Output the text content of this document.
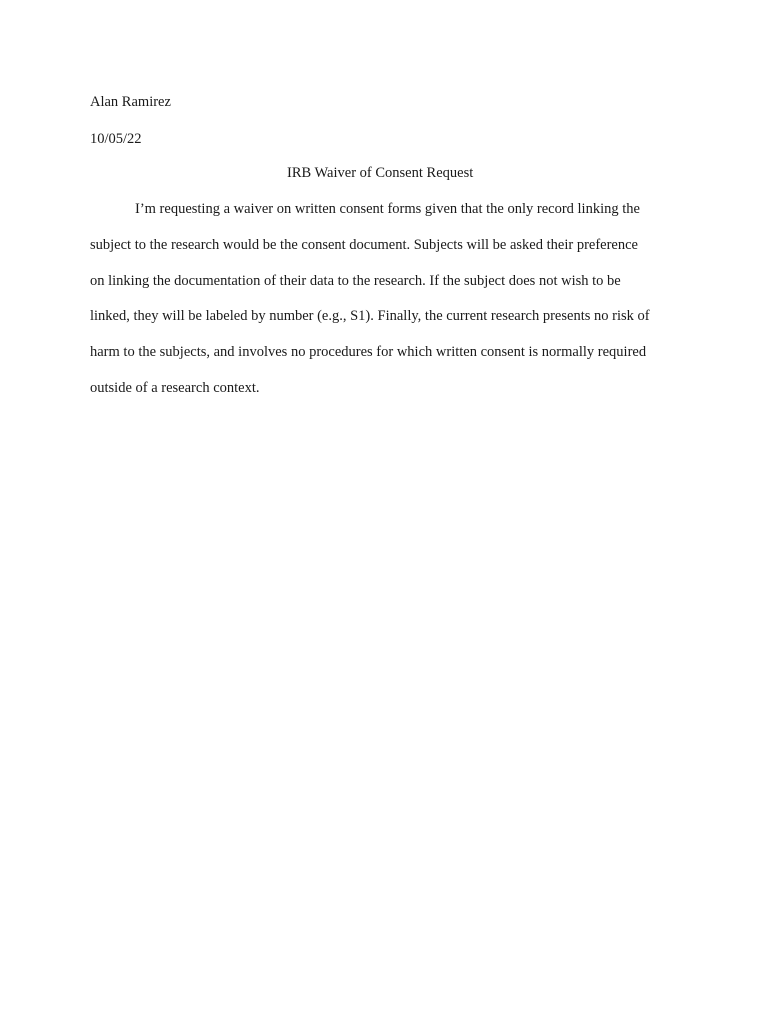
Alan Ramirez
10/05/22
IRB Waiver of Consent Request
I’m requesting a waiver on written consent forms given that the only record linking the
subject to the research would be the consent document. Subjects will be asked their preference
on linking the documentation of their data to the research. If the subject does not wish to be
linked, they will be labeled by number (e.g., S1). Finally, the current research presents no risk of
harm to the subjects, and involves no procedures for which written consent is normally required
outside of a research context.
